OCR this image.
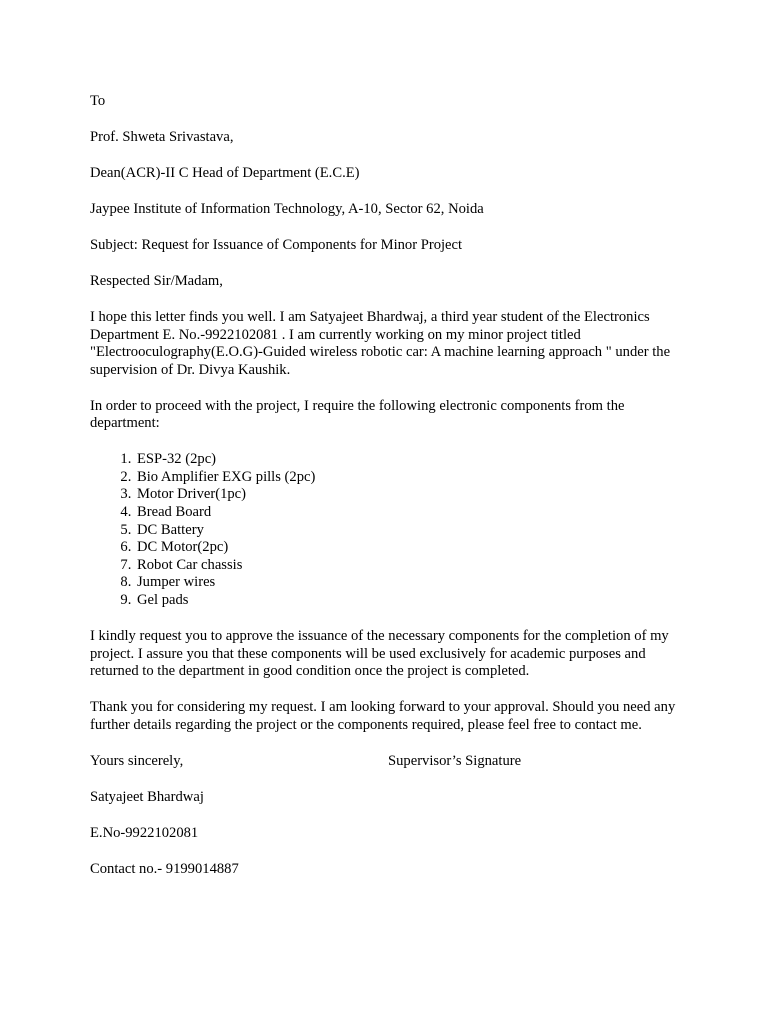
To

Prof. Shweta Srivastava,

Dean(ACR)-II C Head of Department (E.C.E)

Jaypee Institute of Information Technology, A-10, Sector 62, Noida

Subject: Request for Issuance of Components for Minor Project

Respected Sir/Madam,

I hope this letter finds you well. I am Satyajeet Bhardwaj, a third year student of the Electronics Department E. No.-9922102081 . I am currently working on my minor project titled "Electrooculography(E.O.G)-Guided wireless robotic car: A machine learning approach " under the supervision of Dr. Divya Kaushik.

In order to proceed with the project, I require the following electronic components from the department:

1. ESP-32 (2pc)
2. Bio Amplifier EXG pills (2pc)
3. Motor Driver(1pc)
4. Bread Board
5. DC Battery
6. DC Motor(2pc)
7. Robot Car chassis
8. Jumper wires
9. Gel pads

I kindly request you to approve the issuance of the necessary components for the completion of my project. I assure you that these components will be used exclusively for academic purposes and returned to the department in good condition once the project is completed.

Thank you for considering my request. I am looking forward to your approval. Should you need any further details regarding the project or the components required, please feel free to contact me.

Yours sincerely,	Supervisor’s Signature

Satyajeet Bhardwaj

E.No-9922102081

Contact no.- 9199014887
